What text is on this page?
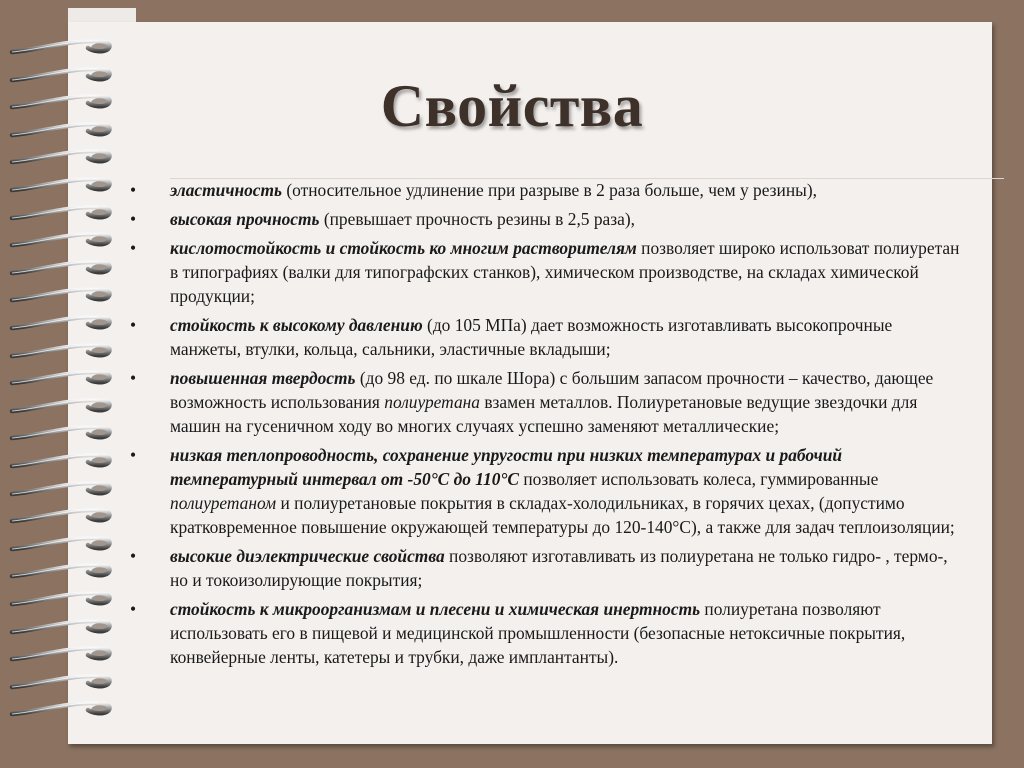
Свойства
•	эластичность (относительное удлинение при разрыве в 2 раза больше, чем у резины),
•	высокая прочность (превышает прочность резины в 2,5 раза),
•	кислотостойкость и стойкость ко многим растворителям позволяет широко использоват полиуретан в типографиях (валки для типографских станков), химическом производстве, на складах химической продукции;
•	стойкость к высокому давлению (до 105 МПа) дает возможность изготавливать высокопрочные манжеты, втулки, кольца, сальники, эластичные вкладыши;
•	повышенная твердость (до 98 ед. по шкале Шора) с большим запасом прочности – качество, дающее возможность использования полиуретана взамен металлов. Полиуретановые ведущие звездочки для машин на гусеничном ходу во многих случаях успешно заменяют металлические;
•	низкая теплопроводность, сохранение упругости при низких температурах и рабочий температурный интервал от -50°С до 110°С позволяет использовать колеса, гуммированные полиуретаном и полиуретановые покрытия в складах-холодильниках, в горячих цехах, (допустимо кратковременное повышение окружающей температуры до 120-140°С), а также для задач теплоизоляции;
•	высокие диэлектрические свойства позволяют изготавливать из полиуретана не только гидро- , термо-, но и токоизолирующие покрытия;
•	стойкость к микроорганизмам и плесени и химическая инертность полиуретана позволяют использовать его в пищевой и медицинской промышленности (безопасные нетоксичные покрытия, конвейерные ленты, катетеры и трубки, даже имплантанты).
